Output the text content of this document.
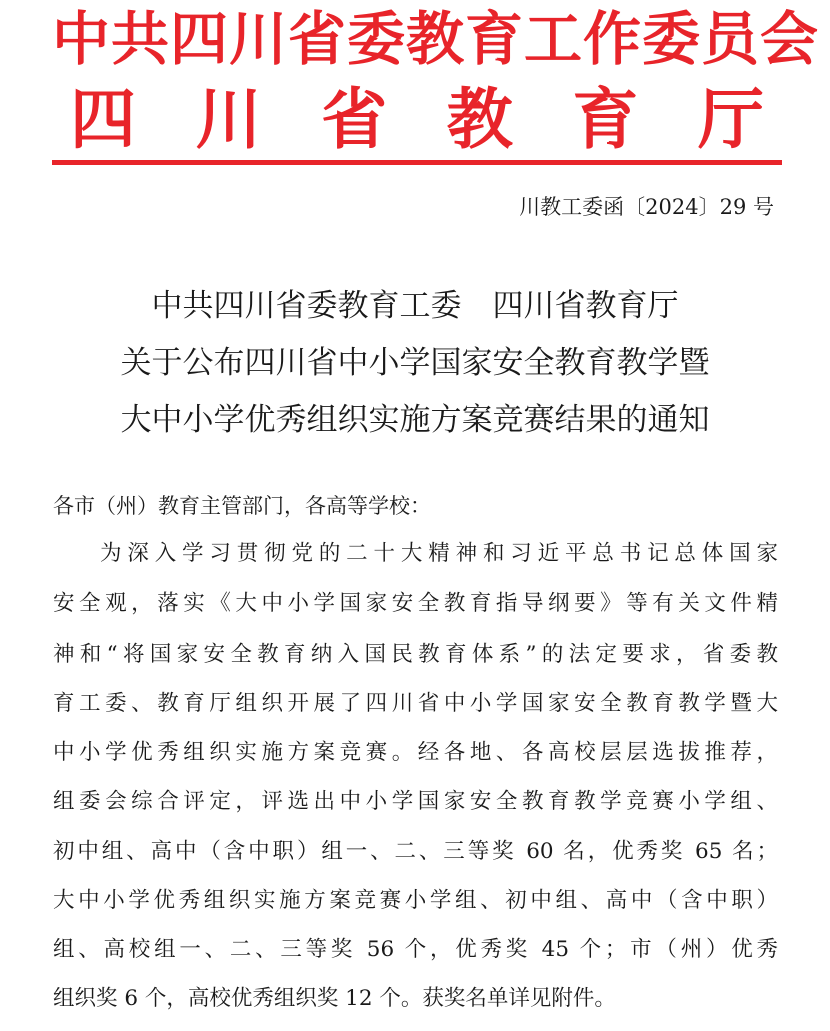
中共四川省委教育工作委员会
四 川 省 教 育 厅
川教工委函〔2024〕29 号
中共四川省委教育工委　四川省教育厅
关于公布四川省中小学国家安全教育教学暨
大中小学优秀组织实施方案竞赛结果的通知
各市（州）教育主管部门，各高等学校：
为深入学习贯彻党的二十大精神和习近平总书记总体国家
安全观，落实《大中小学国家安全教育指导纲要》等有关文件精
神和“将国家安全教育纳入国民教育体系”的法定要求，省委教
育工委、教育厅组织开展了四川省中小学国家安全教育教学暨大
中小学优秀组织实施方案竞赛。经各地、各高校层层选拔推荐，
组委会综合评定，评选出中小学国家安全教育教学竞赛小学组、
初中组、高中（含中职）组一、二、三等奖 60 名，优秀奖 65 名；
大中小学优秀组织实施方案竞赛小学组、初中组、高中（含中职）
组、高校组一、二、三等奖 56 个，优秀奖 45 个；市（州）优秀
组织奖 6 个，高校优秀组织奖 12 个。获奖名单详见附件。
